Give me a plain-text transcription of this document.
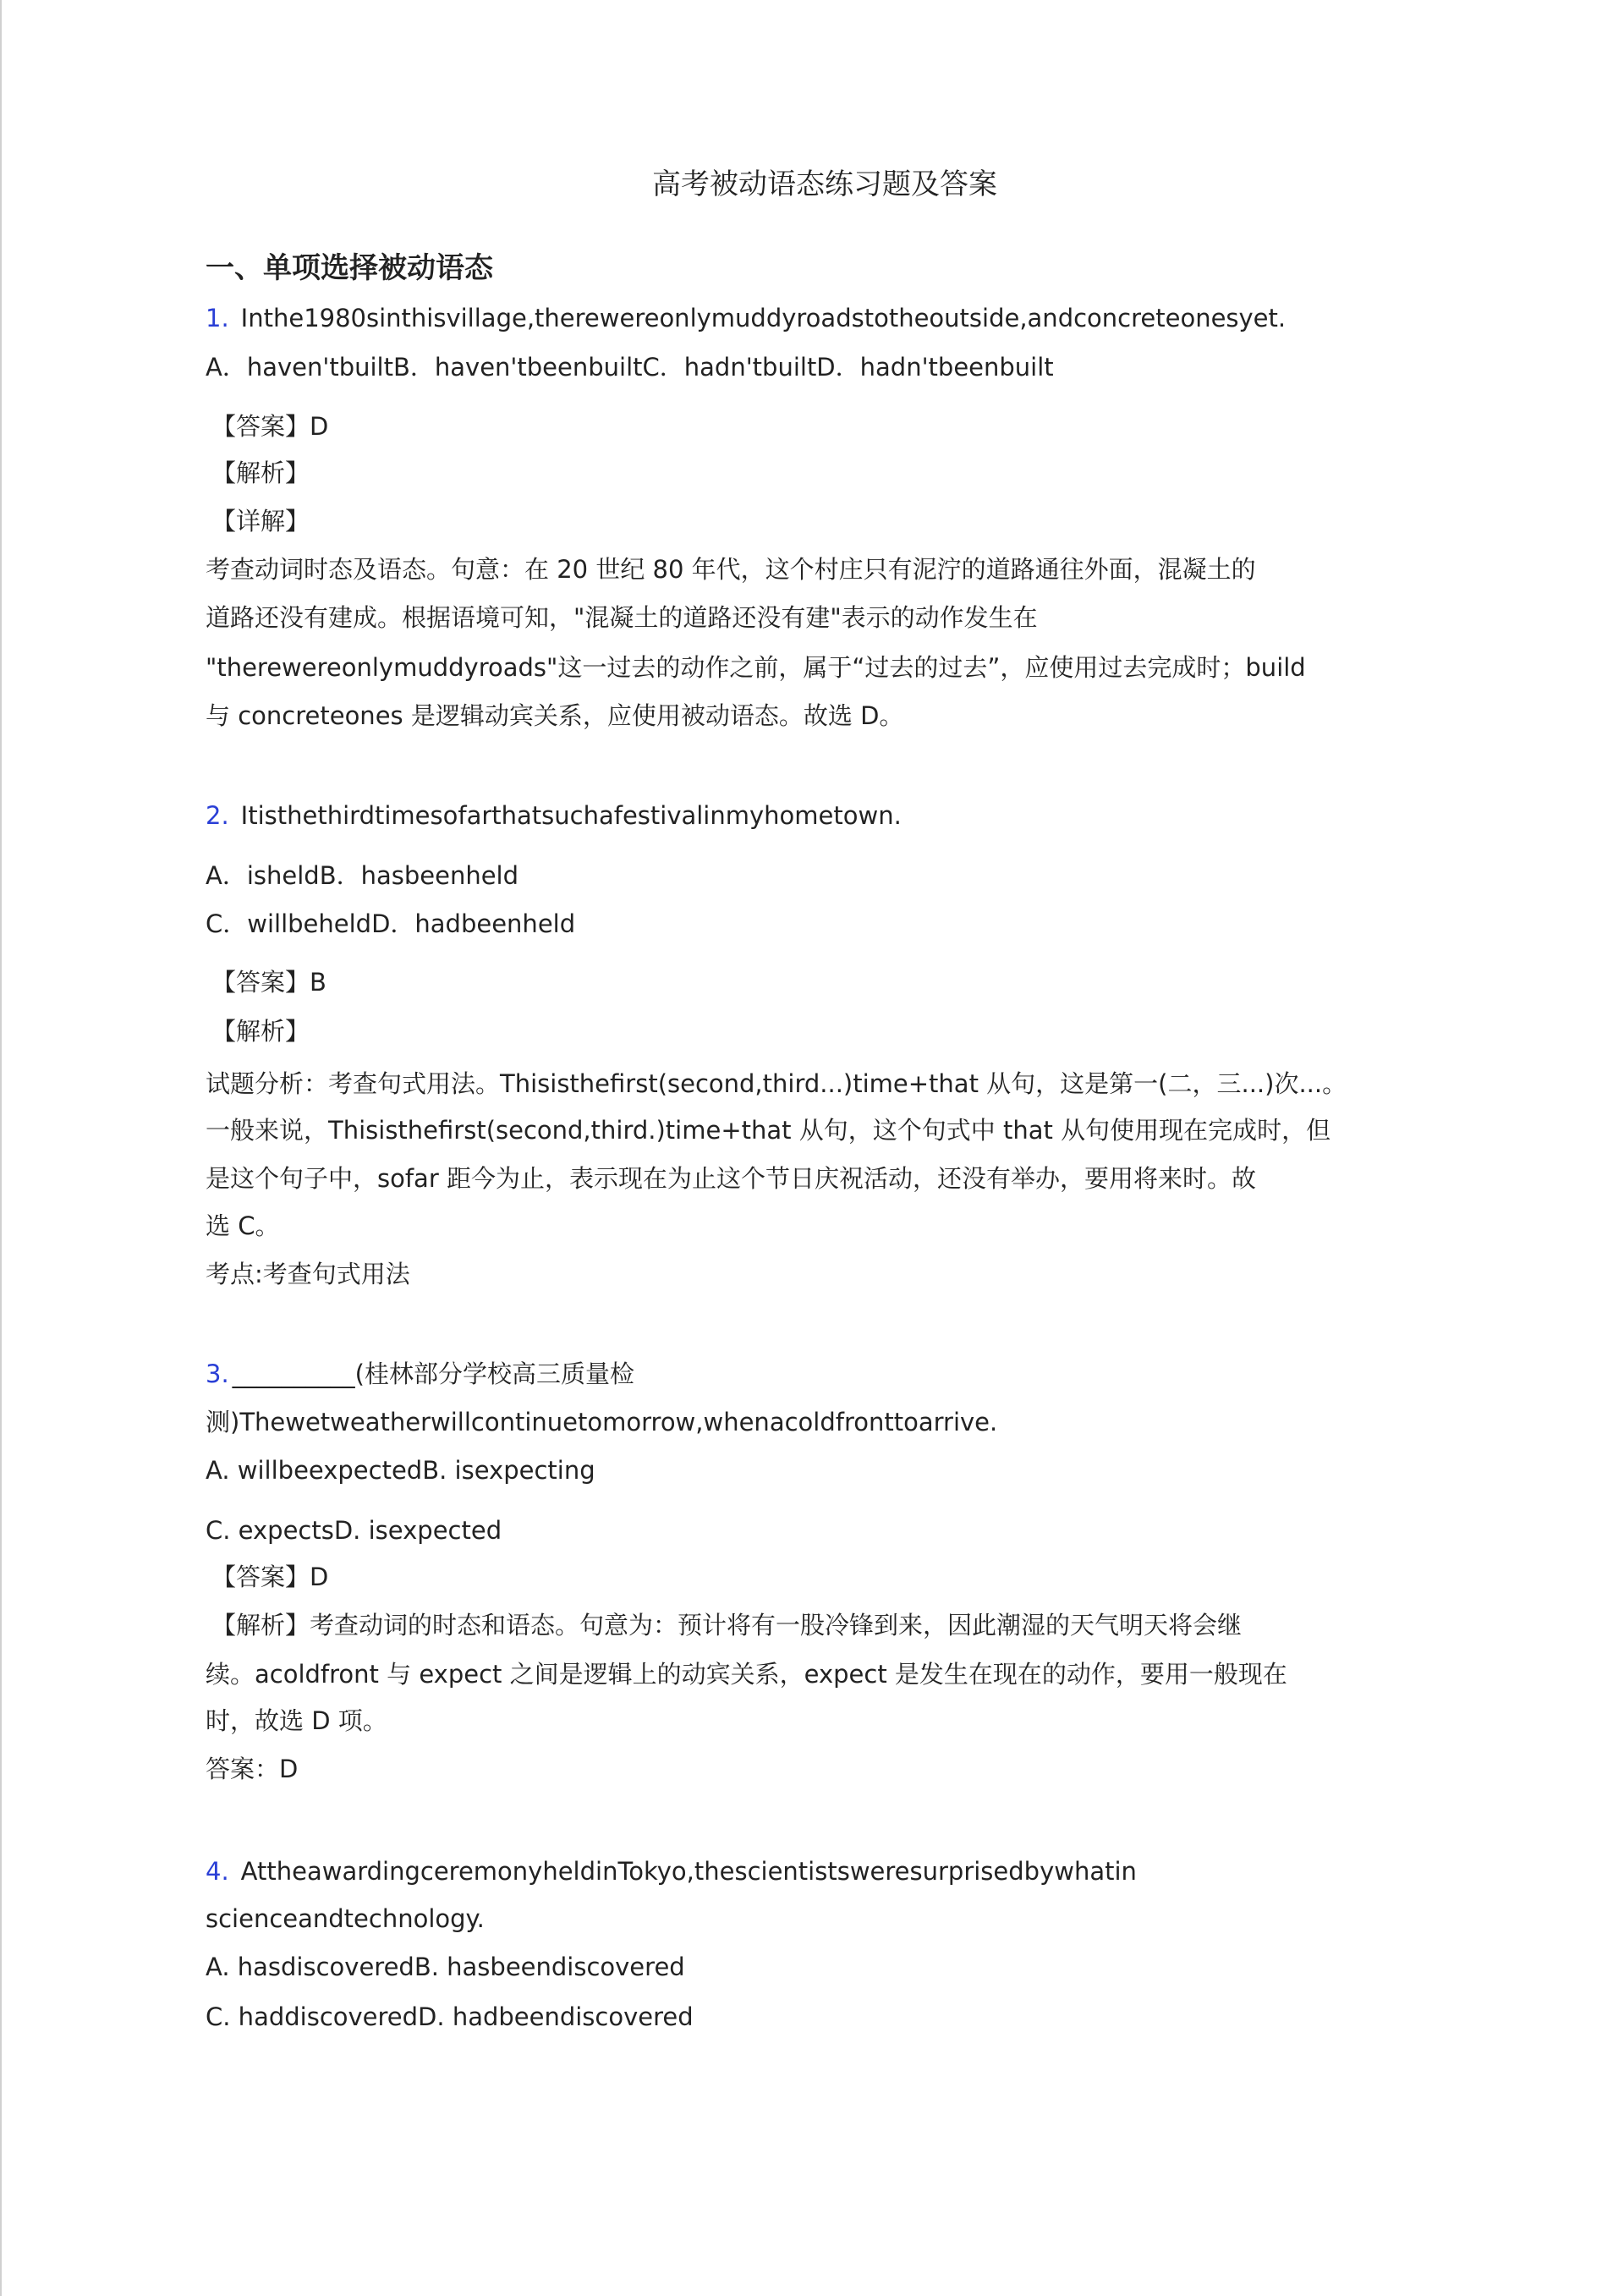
高考被动语态练习题及答案
一、单项选择被动语态
1. Inthe1980sinthisvillage,therewereonlymuddyroadstotheoutside,andconcreteonesyet.
A．haven'tbuiltB．haven'tbeenbuiltC．hadn'tbuiltD．hadn'tbeenbuilt
【答案】D
【解析】
【详解】
考查动词时态及语态。句意：在 20 世纪 80 年代，这个村庄只有泥泞的道路通往外面，混凝土的
道路还没有建成。根据语境可知，"混凝土的道路还没有建"表示的动作发生在
"therewereonlymuddyroads"这一过去的动作之前，属于“过去的过去”，应使用过去完成时；build
与 concreteones 是逻辑动宾关系，应使用被动语态。故选 D。
2. Itisthethirdtimesofarthatsuchafestivalinmyhometown.
A．isheldB．hasbeenheld
C．willbeheldD．hadbeenheld
【答案】B
【解析】
试题分析：考查句式用法。Thisisthefirst(second,third...)time+that 从句，这是第一(二，三...)次...。
一般来说，Thisisthefirst(second,third.)time+that 从句，这个句式中 that 从句使用现在完成时，但
是这个句子中，sofar 距今为止，表示现在为止这个节日庆祝活动，还没有举办，要用将来时。故
选 C。
考点:考查句式用法
3. __________(桂林部分学校高三质量检
测)Thewetweatherwillcontinuetomorrow,whenacoldfronttoarrive.
A. willbeexpectedB. isexpecting
C. expectsD. isexpected
【答案】D
【解析】考查动词的时态和语态。句意为：预计将有一股冷锋到来，因此潮湿的天气明天将会继
续。acoldfront 与 expect 之间是逻辑上的动宾关系，expect 是发生在现在的动作，要用一般现在
时，故选 D 项。
答案：D
4. AttheawardingceremonyheldinTokyo,thescientistsweresurprisedbywhatin
scienceandtechnology.
A. hasdiscoveredB. hasbeendiscovered
C. haddiscoveredD. hadbeendiscovered
